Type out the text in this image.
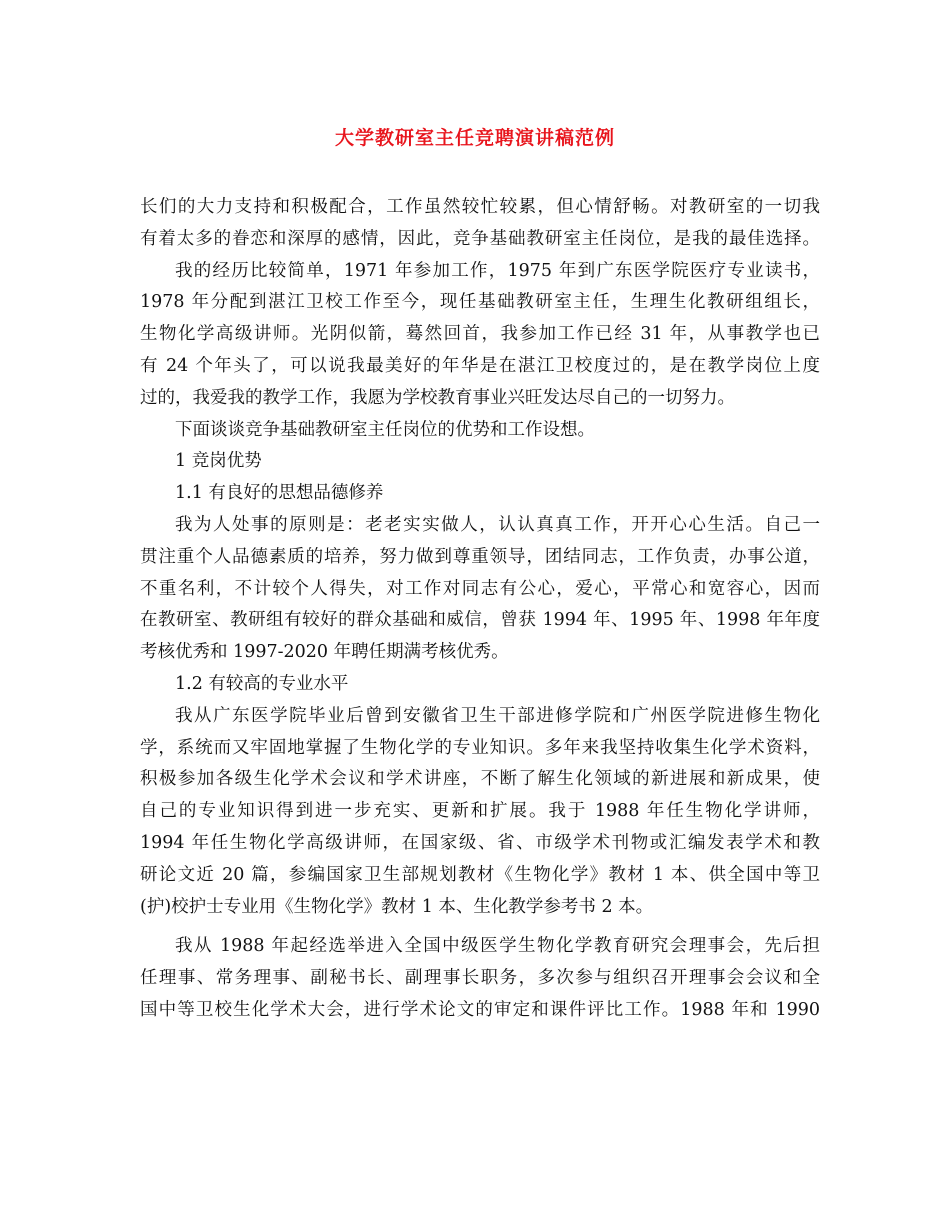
大学教研室主任竞聘演讲稿范例
长们的大力支持和积极配合，工作虽然较忙较累，但心情舒畅。对教研室的一切我
有着太多的眷恋和深厚的感情，因此，竞争基础教研室主任岗位，是我的最佳选择。
我的经历比较简单，1971 年参加工作，1975 年到广东医学院医疗专业读书，
1978 年分配到湛江卫校工作至今，现任基础教研室主任，生理生化教研组组长，
生物化学高级讲师。光阴似箭，蓦然回首，我参加工作已经 31 年，从事教学也已
有 24 个年头了，可以说我最美好的年华是在湛江卫校度过的，是在教学岗位上度
过的，我爱我的教学工作，我愿为学校教育事业兴旺发达尽自己的一切努力。
下面谈谈竞争基础教研室主任岗位的优势和工作设想。
1 竞岗优势
1.1 有良好的思想品德修养
我为人处事的原则是：老老实实做人，认认真真工作，开开心心生活。自己一
贯注重个人品德素质的培养，努力做到尊重领导，团结同志，工作负责，办事公道，
不重名利，不计较个人得失，对工作对同志有公心，爱心，平常心和宽容心，因而
在教研室、教研组有较好的群众基础和威信，曾获 1994 年、1995 年、1998 年年度
考核优秀和 1997-2020 年聘任期满考核优秀。
1.2 有较高的专业水平
我从广东医学院毕业后曾到安徽省卫生干部进修学院和广州医学院进修生物化
学，系统而又牢固地掌握了生物化学的专业知识。多年来我坚持收集生化学术资料，
积极参加各级生化学术会议和学术讲座，不断了解生化领域的新进展和新成果，使
自己的专业知识得到进一步充实、更新和扩展。我于 1988 年任生物化学讲师，
1994 年任生物化学高级讲师，在国家级、省、市级学术刊物或汇编发表学术和教
研论文近 20 篇，参编国家卫生部规划教材《生物化学》教材 1 本、供全国中等卫
(护)校护士专业用《生物化学》教材 1 本、生化教学参考书 2 本。
我从 1988 年起经选举进入全国中级医学生物化学教育研究会理事会，先后担
任理事、常务理事、副秘书长、副理事长职务，多次参与组织召开理事会会议和全
国中等卫校生化学术大会，进行学术论文的审定和课件评比工作。1988 年和 1990
